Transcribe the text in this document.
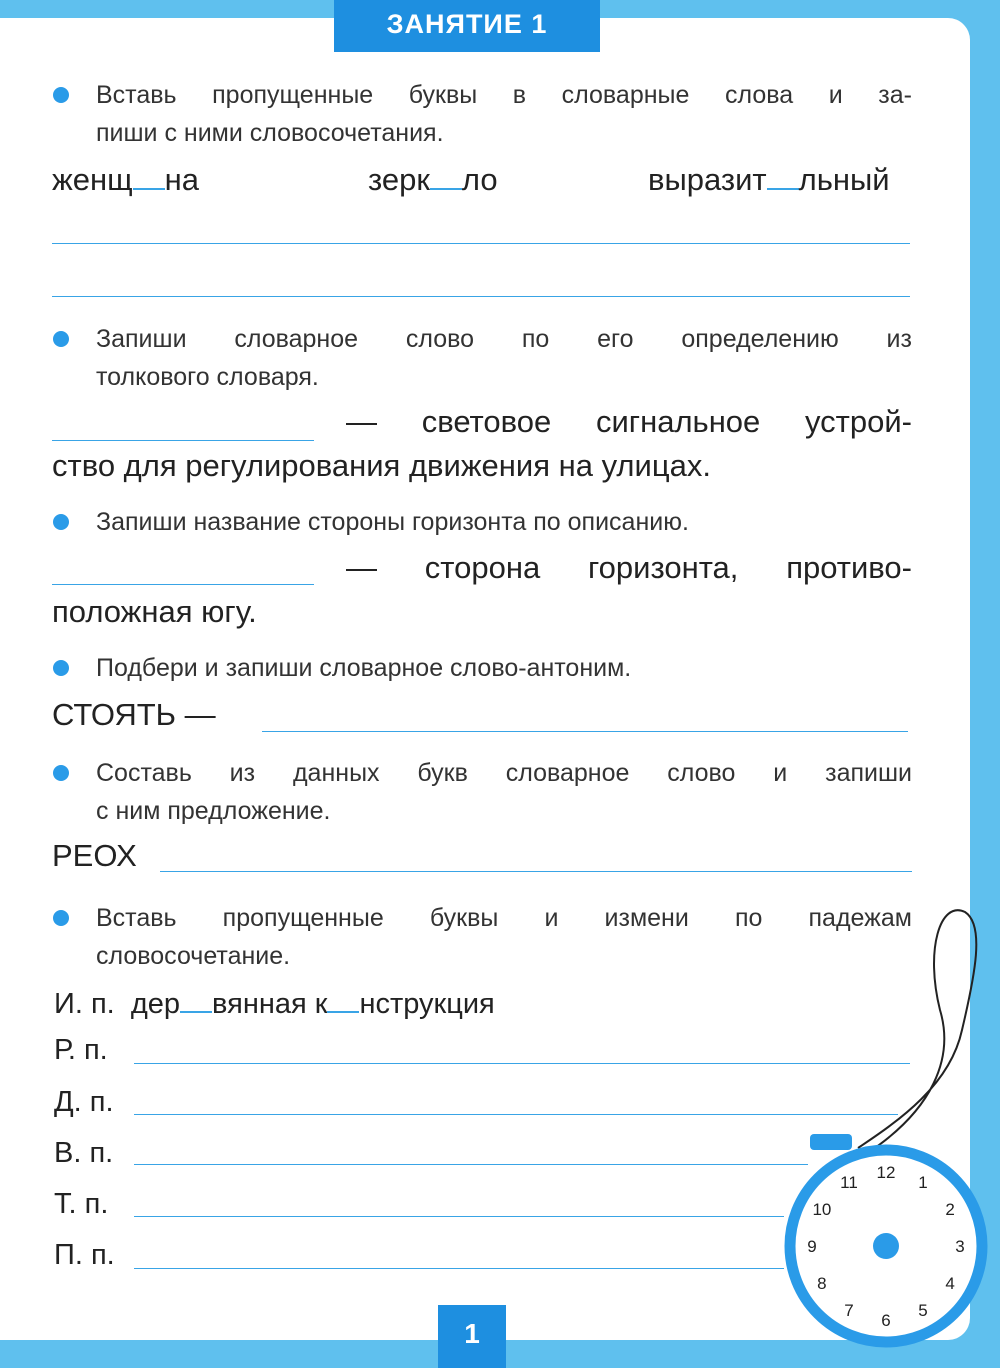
ЗАНЯТИЕ 1
Вставь пропущенные буквы в словарные слова и за-
пиши с ними словосочетания.
женщ на	зерк ло	выразит льный
Запиши словарное слово по его определению из
толкового словаря.
— световое сигнальное устрой-
ство для регулирования движения на улицах.
Запиши название стороны горизонта по описанию.
— сторона горизонта, противо-
положная югу.
Подбери и запиши словарное слово-антоним.
СТОЯТЬ —
Составь из данных букв словарное слово и запиши
с ним предложение.
РЕОХ
Вставь пропущенные буквы и измени по падежам
словосочетание.
И. п. дер вянная к нструкция
Р. п.
Д. п.
В. п.
Т. п.
П. п.
12
1
2
3
4
5
6
7
8
9
10
11
1
